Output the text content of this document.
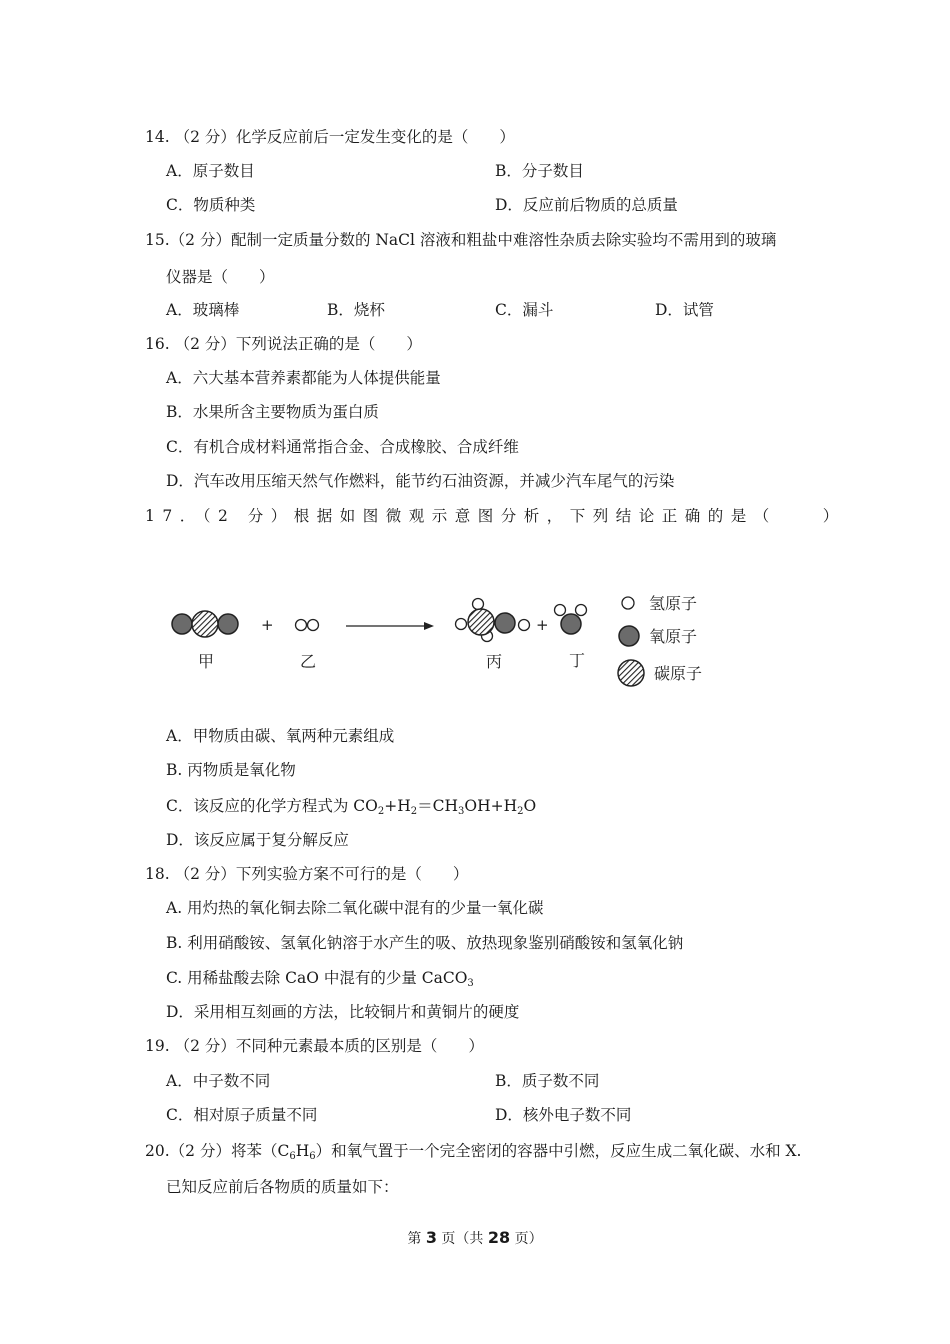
14. （2 分）化学反应前后一定发生变化的是（　　）
A．原子数目	B．分子数目
C．物质种类	D．反应前后物质的总质量
15.（2 分）配制一定质量分数的 NaCl 溶液和粗盐中难溶性杂质去除实验均不需用到的玻璃
仪器是（　　）
A．玻璃棒	B．烧杯	C．漏斗	D．试管
16. （2 分）下列说法正确的是（　　）
A．六大基本营养素都能为人体提供能量
B．水果所含主要物质为蛋白质
C．有机合成材料通常指合金、合成橡胶、合成纤维
D．汽车改用压缩天然气作燃料，能节约石油资源，并减少汽车尾气的污染
17．（2 分）根据如图微观示意图分析，下列结论正确的是（　　）
+	+
甲	乙	丙	丁
氢原子
氧原子
碳原子
A．甲物质由碳、氧两种元素组成
B. 丙物质是氧化物
C．该反应的化学方程式为 $CO_2+H_2=CH_3OH+H_2O$
D．该反应属于复分解反应
18. （2 分）下列实验方案不可行的是（　　）
A. 用灼热的氧化铜去除二氧化碳中混有的少量一氧化碳
B. 利用硝酸铵、氢氧化钠溶于水产生的吸、放热现象鉴别硝酸铵和氢氧化钠
C. 用稀盐酸去除 CaO 中混有的少量 CaCO$_3$
D．采用相互刻画的方法，比较铜片和黄铜片的硬度
19. （2 分）不同种元素最本质的区别是（　　）
A．中子数不同	B．质子数不同
C．相对原子质量不同	D．核外电子数不同
20.（2 分）将苯$(C_6H_6)$和氧气置于一个完全密闭的容器中引燃，反应生成二氧化碳、水和 X.
已知反应前后各物质的质量如下：
第 3 页（共 28 页）
